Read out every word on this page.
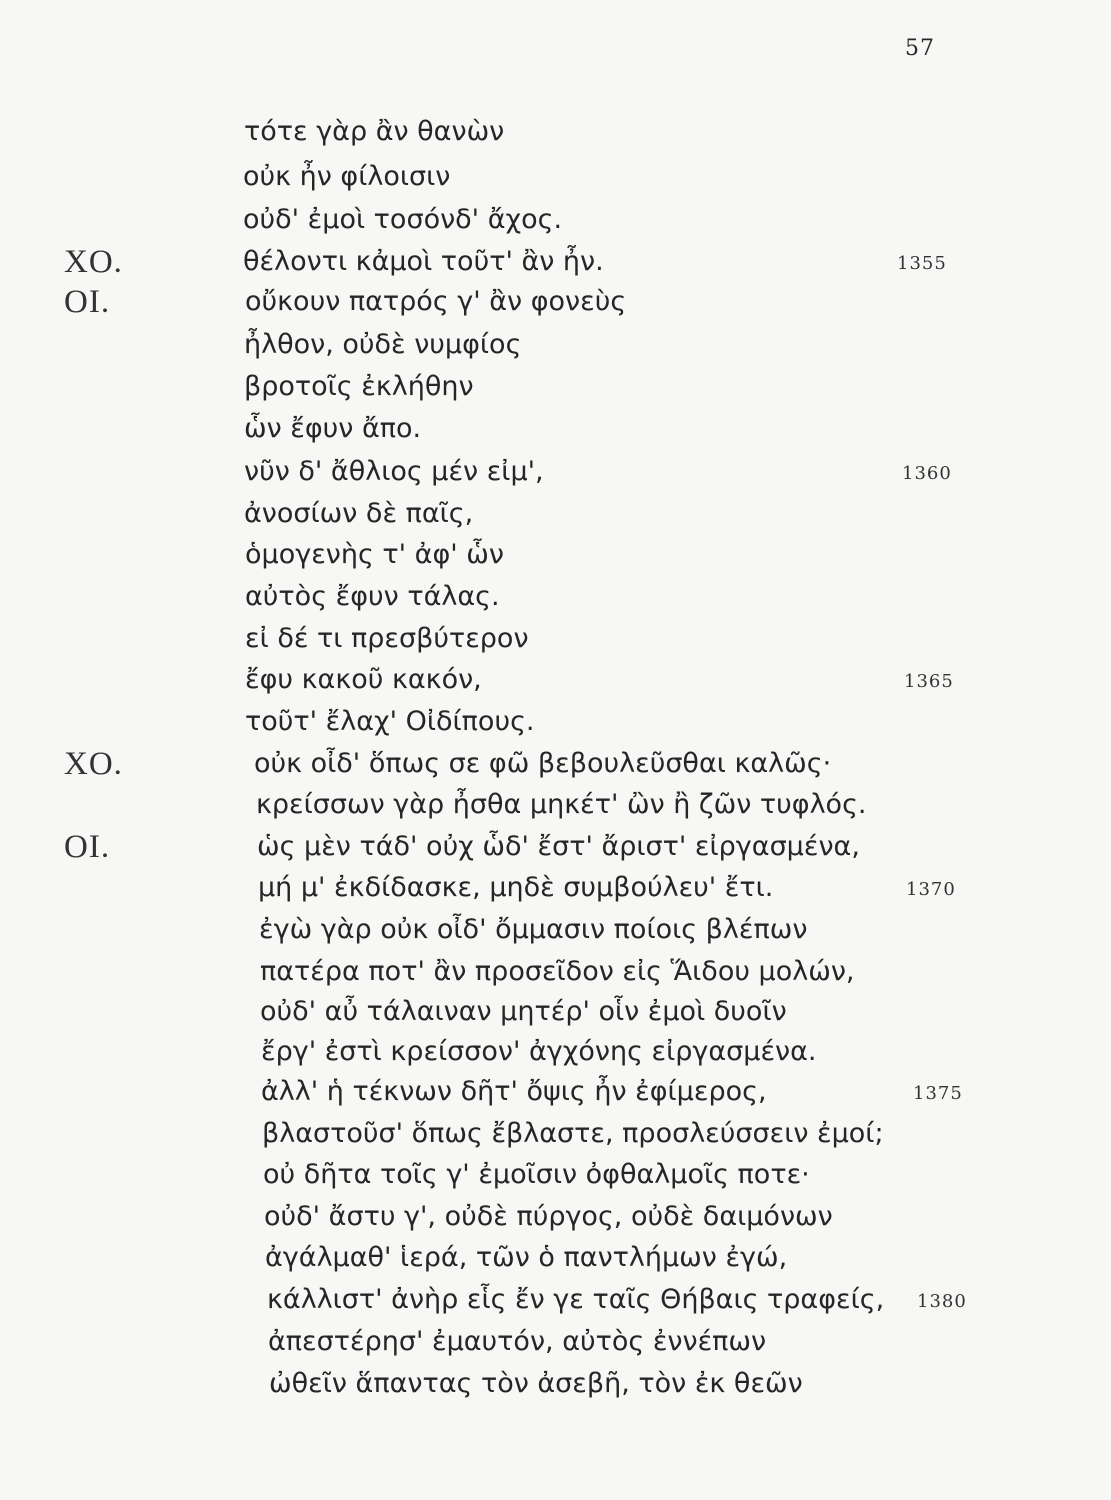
57
τότε γὰρ ἂν θανὼν
οὐκ ἦν φίλοισιν
οὐδ' ἐμοὶ τοσόνδ' ἄχος.
ΧΟ.	θέλοντι κἀμοὶ τοῦτ' ἂν ἦν.	1355
ΟΙ.	οὔκουν πατρός γ' ἂν φονεὺς
ἦλθον, οὐδὲ νυμφίος
βροτοῖς ἐκλήθην
ὧν ἔφυν ἄπο.
νῦν δ' ἄθλιος μέν εἰμ',	1360
ἀνοσίων δὲ παῖς,
ὁμογενὴς τ' ἀφ' ὧν
αὐτὸς ἔφυν τάλας.
εἰ δέ τι πρεσβύτερον
ἔφυ κακοῦ κακόν,	1365
τοῦτ' ἔλαχ' Οἰδίπους.
ΧΟ.	οὐκ οἶδ' ὅπως σε φῶ βεβουλεῦσθαι καλῶς·
κρείσσων γὰρ ἦσθα μηκέτ' ὢν ἢ ζῶν τυφλός.
ΟΙ.	ὡς μὲν τάδ' οὐχ ὧδ' ἔστ' ἄριστ' εἰργασμένα,
μή μ' ἐκδίδασκε, μηδὲ συμβούλευ' ἔτι.	1370
ἐγὼ γὰρ οὐκ οἶδ' ὄμμασιν ποίοις βλέπων
πατέρα ποτ' ἂν προσεῖδον εἰς Ἅιδου μολών,
οὐδ' αὖ τάλαιναν μητέρ' οἷν ἐμοὶ δυοῖν
ἔργ' ἐστὶ κρείσσον' ἀγχόνης εἰργασμένα.
ἀλλ' ἡ τέκνων δῆτ' ὄψις ἦν ἐφίμερος,	1375
βλαστοῦσ' ὅπως ἔβλαστε, προσλεύσσειν ἐμοί;
οὐ δῆτα τοῖς γ' ἐμοῖσιν ὀφθαλμοῖς ποτε·
οὐδ' ἄστυ γ', οὐδὲ πύργος, οὐδὲ δαιμόνων
ἀγάλμαθ' ἱερά, τῶν ὁ παντλήμων ἐγώ,
κάλλιστ' ἀνὴρ εἷς ἔν γε ταῖς Θήβαις τραφείς, 1380
ἀπεστέρησ' ἐμαυτόν, αὐτὸς ἐννέπων
ὠθεῖν ἅπαντας τὸν ἀσεβῆ, τὸν ἐκ θεῶν
